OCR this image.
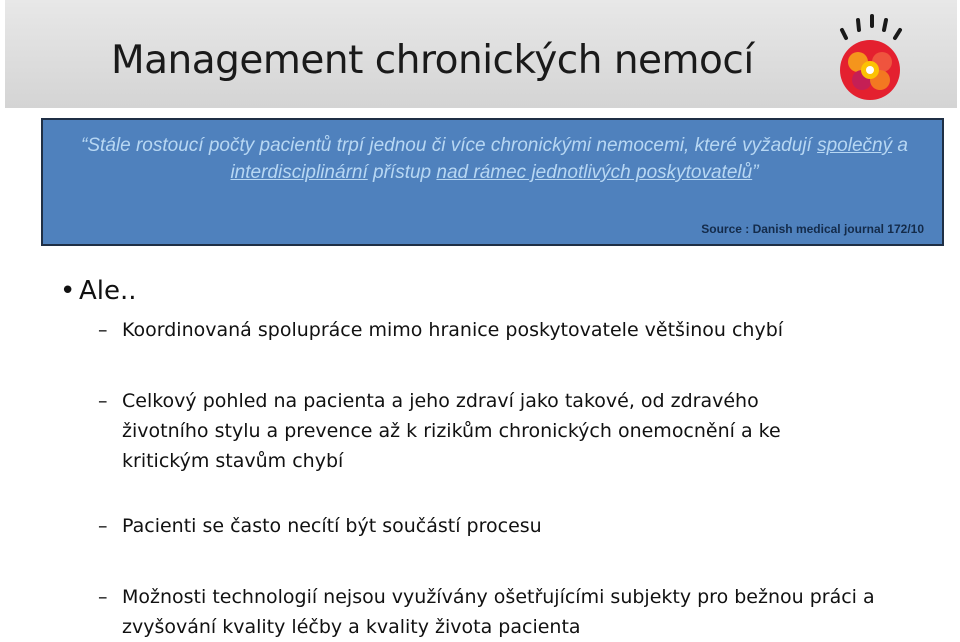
Management chronických nemocí
“Stále rostoucí počty pacientů trpí jednou či více chronickými nemocemi, které vyžadují společný a interdisciplinární přístup nad rámec jednotlivých poskytovatelů”
Source : Danish medical journal 172/10
• Ale..
– Koordinovaná spolupráce mimo hranice poskytovatele většinou chybí
– Celkový pohled na pacienta a jeho zdraví jako takové, od zdravého životního stylu a prevence až k rizikům chronických onemocnění a ke kritickým stavům chybí
– Pacienti se často necítí být součástí procesu
– Možnosti technologií nejsou využívány ošetřujícími subjekty pro bežnou práci a zvyšování kvality léčby a kvality života pacienta
